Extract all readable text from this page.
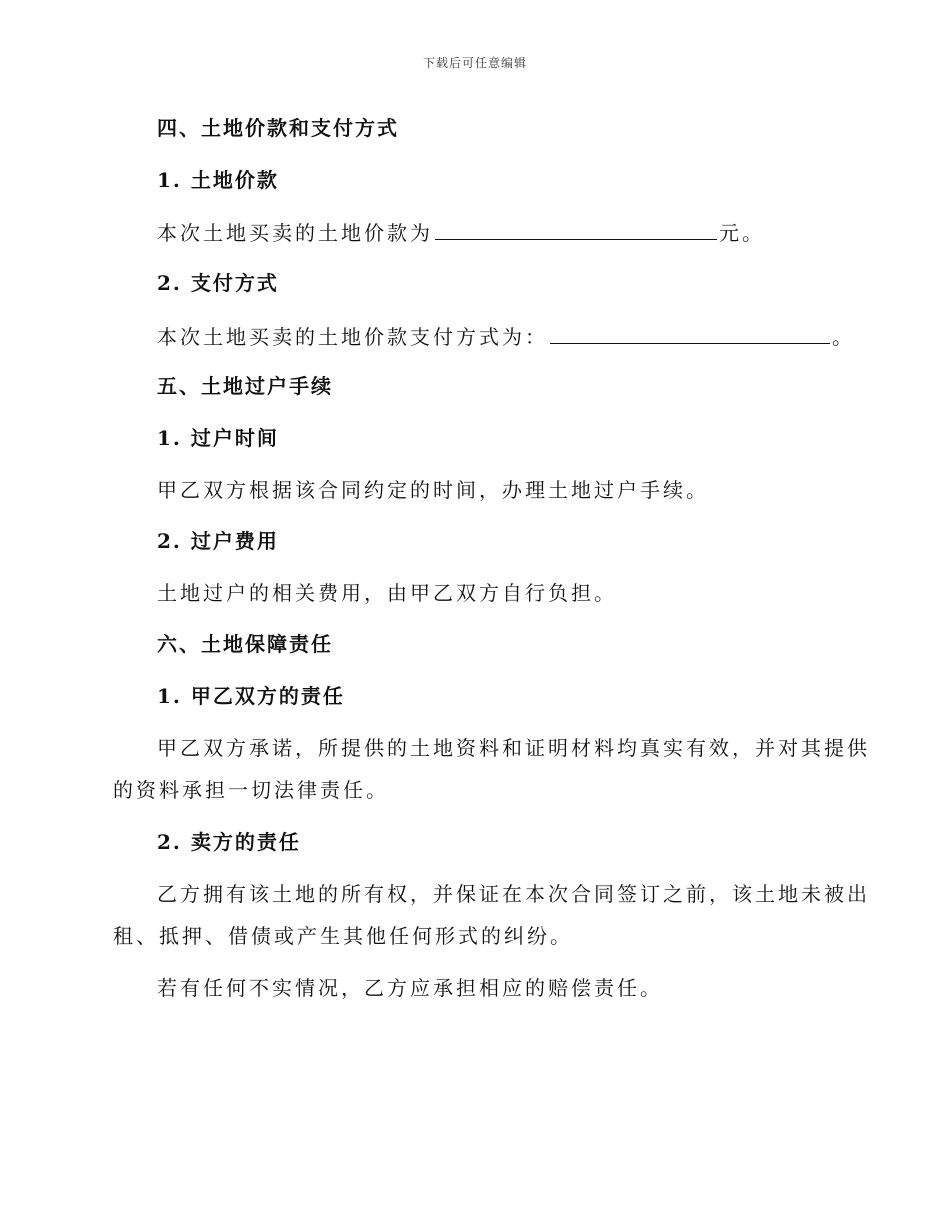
下载后可任意编辑
四、土地价款和支付方式
1. 土地价款
本次土地买卖的土地价款为	元。
2. 支付方式
本次土地买卖的土地价款支付方式为：	。
五、土地过户手续
1. 过户时间
甲乙双方根据该合同约定的时间，办理土地过户手续。
2. 过户费用
土地过户的相关费用，由甲乙双方自行负担。
六、土地保障责任
1. 甲乙双方的责任
甲乙双方承诺，所提供的土地资料和证明材料均真实有效，并对其提供
的资料承担一切法律责任。
2. 卖方的责任
乙方拥有该土地的所有权，并保证在本次合同签订之前，该土地未被出
租、抵押、借债或产生其他任何形式的纠纷。
若有任何不实情况，乙方应承担相应的赔偿责任。
